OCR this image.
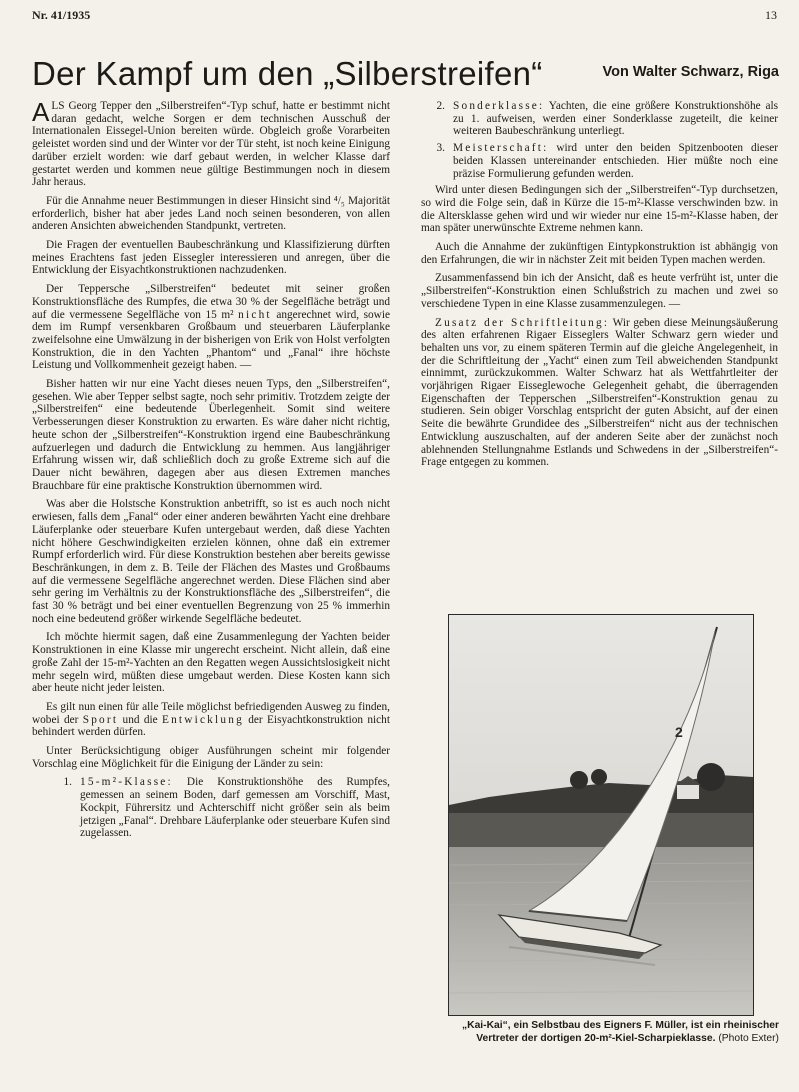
Nr. 41/1935	13
Der Kampf um den „Silberstreifen“	Von Walter Schwarz, Riga

ALS Georg Tepper den „Silberstreifen“-Typ schuf, hatte er bestimmt nicht daran gedacht, welche Sorgen er dem technischen Ausschuß der Internationalen Eissegel-Union bereiten würde. Obgleich große Vorarbeiten geleistet worden sind und der Winter vor der Tür steht, ist noch keine Einigung darüber erzielt worden: wie darf gebaut werden, in welcher Klasse darf gestartet werden und kommen neue gültige Bestimmungen noch in diesem Jahr heraus.

Für die Annahme neuer Bestimmungen in dieser Hinsicht sind ⁴/₅ Majorität erforderlich, bisher hat aber jedes Land noch seinen besonderen, von allen anderen Ansichten abweichenden Standpunkt, vertreten.

Die Fragen der eventuellen Baubeschränkung und Klassifizierung dürften meines Erachtens fast jeden Eissegler interessieren und anregen, über die Entwicklung der Eisyachtkonstruktionen nachzudenken.

Der Teppersche „Silberstreifen“ bedeutet mit seiner großen Konstruktionsfläche des Rumpfes, die etwa 30 % der Segelfläche beträgt und auf die vermessene Segelfläche von 15 m² nicht angerechnet wird, sowie dem im Rumpf versenkbaren Großbaum und steuerbaren Läuferplanke zweifelsohne eine Umwälzung in der bisherigen von Erik von Holst verfolgten Konstruktion, die in den Yachten „Phantom“ und „Fanal“ ihre höchste Leistung und Vollkommenheit gezeigt haben. —

Bisher hatten wir nur eine Yacht dieses neuen Typs, den „Silberstreifen“, gesehen. Wie aber Tepper selbst sagte, noch sehr primitiv. Trotzdem zeigte der „Silberstreifen“ eine bedeutende Überlegenheit. Somit sind weitere Verbesserungen dieser Konstruktion zu erwarten. Es wäre daher nicht richtig, heute schon der „Silberstreifen“-Konstruktion irgend eine Baubeschränkung aufzuerlegen und dadurch die Entwicklung zu hemmen. Aus langjähriger Erfahrung wissen wir, daß schließlich doch zu große Extreme sich auf die Dauer nicht bewähren, dagegen aber aus diesen Extremen manches Brauchbare für eine praktische Konstruktion übernommen wird.

Was aber die Holstsche Konstruktion anbetrifft, so ist es auch noch nicht erwiesen, falls dem „Fanal“ oder einer anderen bewährten Yacht eine drehbare Läuferplanke oder steuerbare Kufen untergebaut werden, daß diese Yachten nicht höhere Geschwindigkeiten erzielen können, ohne daß ein extremer Rumpf erforderlich wird. Für diese Konstruktion bestehen aber bereits gewisse Beschränkungen, in dem z. B. Teile der Flächen des Mastes und Großbaums auf die vermessene Segelfläche angerechnet werden. Diese Flächen sind aber sehr gering im Verhältnis zu der Konstruktionsfläche des „Silberstreifen“, die fast 30 % beträgt und bei einer eventuellen Begrenzung von 25 % immerhin noch eine bedeutend größer wirkende Segelfläche bedeutet.

Ich möchte hiermit sagen, daß eine Zusammenlegung der Yachten beider Konstruktionen in eine Klasse mir ungerecht erscheint. Nicht allein, daß eine große Zahl der 15-m²-Yachten an den Regatten wegen Aussichtslosigkeit nicht mehr segeln wird, müßten diese umgebaut werden. Diese Kosten kann sich aber heute nicht jeder leisten.

Es gilt nun einen für alle Teile möglichst befriedigenden Ausweg zu finden, wobei der Sport und die Entwicklung der Eisyachtkonstruktion nicht behindert werden dürfen.

Unter Berücksichtigung obiger Ausführungen scheint mir folgender Vorschlag eine Möglichkeit für die Einigung der Länder zu sein:

1. 15-m²-Klasse: Die Konstruktionshöhe des Rumpfes, gemessen an seinem Boden, darf gemessen am Vorschiff, Mast, Kockpit, Führersitz und Achterschiff nicht größer sein als beim jetzigen „Fanal“. Drehbare Läuferplanke oder steuerbare Kufen sind zugelassen.
2. Sonderklasse: Yachten, die eine größere Konstruktionshöhe als zu 1. aufweisen, werden einer Sonderklasse zugeteilt, die keiner weiteren Baubeschränkung unterliegt.
3. Meisterschaft: wird unter den beiden Spitzenbooten dieser beiden Klassen untereinander entschieden. Hier müßte noch eine präzise Formulierung gefunden werden.

Wird unter diesen Bedingungen sich der „Silberstreifen“-Typ durchsetzen, so wird die Folge sein, daß in Kürze die 15-m²-Klasse verschwinden bzw. in die Altersklasse gehen wird und wir wieder nur eine 15-m²-Klasse haben, der man später unerwünschte Extreme nehmen kann.

Auch die Annahme der zukünftigen Eintypkonstruktion ist abhängig von den Erfahrungen, die wir in nächster Zeit mit beiden Typen machen werden.

Zusammenfassend bin ich der Ansicht, daß es heute verfrüht ist, unter die „Silberstreifen“-Konstruktion einen Schlußstrich zu machen und zwei so verschiedene Typen in eine Klasse zusammenzulegen. —

Zusatz der Schriftleitung: Wir geben diese Meinungsäußerung des alten erfahrenen Rigaer Eisseglers Walter Schwarz gern wieder und behalten uns vor, zu einem späteren Termin auf die gleiche Angelegenheit, in der die Schriftleitung der „Yacht“ einen zum Teil abweichenden Standpunkt einnimmt, zurückzukommen. Walter Schwarz hat als Wettfahrtleiter der vorjährigen Rigaer Eisseglewoche Gelegenheit gehabt, die überragenden Eigenschaften der Tepperschen „Silberstreifen“-Konstruktion genau zu studieren. Sein obiger Vorschlag entspricht der guten Absicht, auf der einen Seite die bewährte Grundidee des „Silberstreifen“ nicht aus der technischen Entwicklung auszuschalten, auf der anderen Seite aber der zunächst noch ablehnenden Stellungnahme Estlands und Schwedens in der „Silberstreifen“-Frage entgegen zu kommen.

2
„Kai-Kai“, ein Selbstbau des Eigners F. Müller, ist ein rheinischer Vertreter der dortigen 20-m²-Kiel-Scharpieklasse. (Photo Exter)
